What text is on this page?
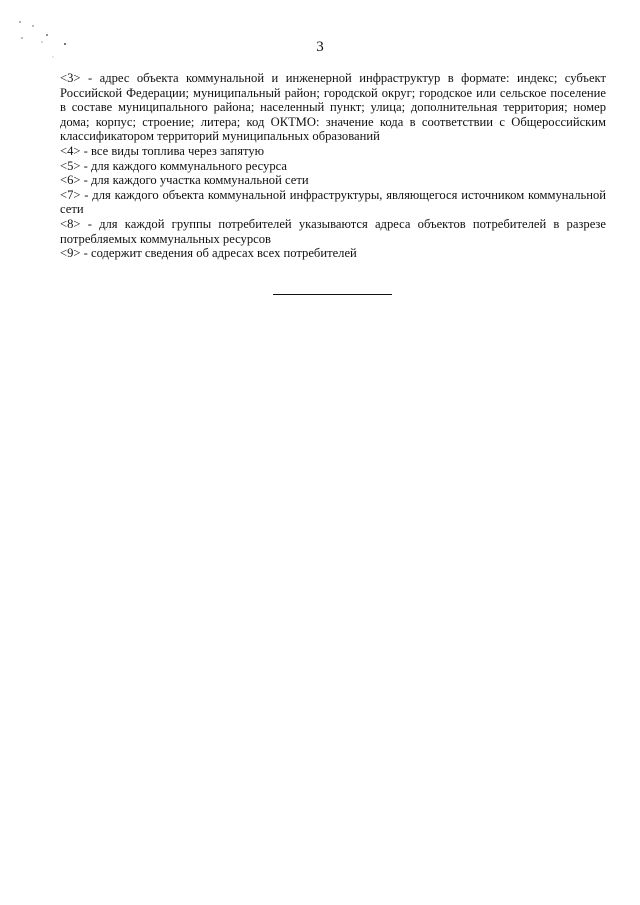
3

<3> - адрес объекта коммунальной и инженерной инфраструктур в формате: индекс; субъект Российской Федерации; муниципальный район; городской округ; городское или сельское поселение в составе муниципального района; населенный пункт; улица; дополнительная территория; номер дома; корпус; строение; литера; код ОКТМО: значение кода в соответствии с Общероссийским классификатором территорий муниципальных образований

<4> - все виды топлива через запятую

<5> - для каждого коммунального ресурса

<6> - для каждого участка коммунальной сети

<7> - для каждого объекта коммунальной инфраструктуры, являющегося источником коммунальной сети

<8> - для каждой группы потребителей указываются адреса объектов потребителей в разрезе потребляемых коммунальных ресурсов

<9> - содержит сведения об адресах всех потребителей
